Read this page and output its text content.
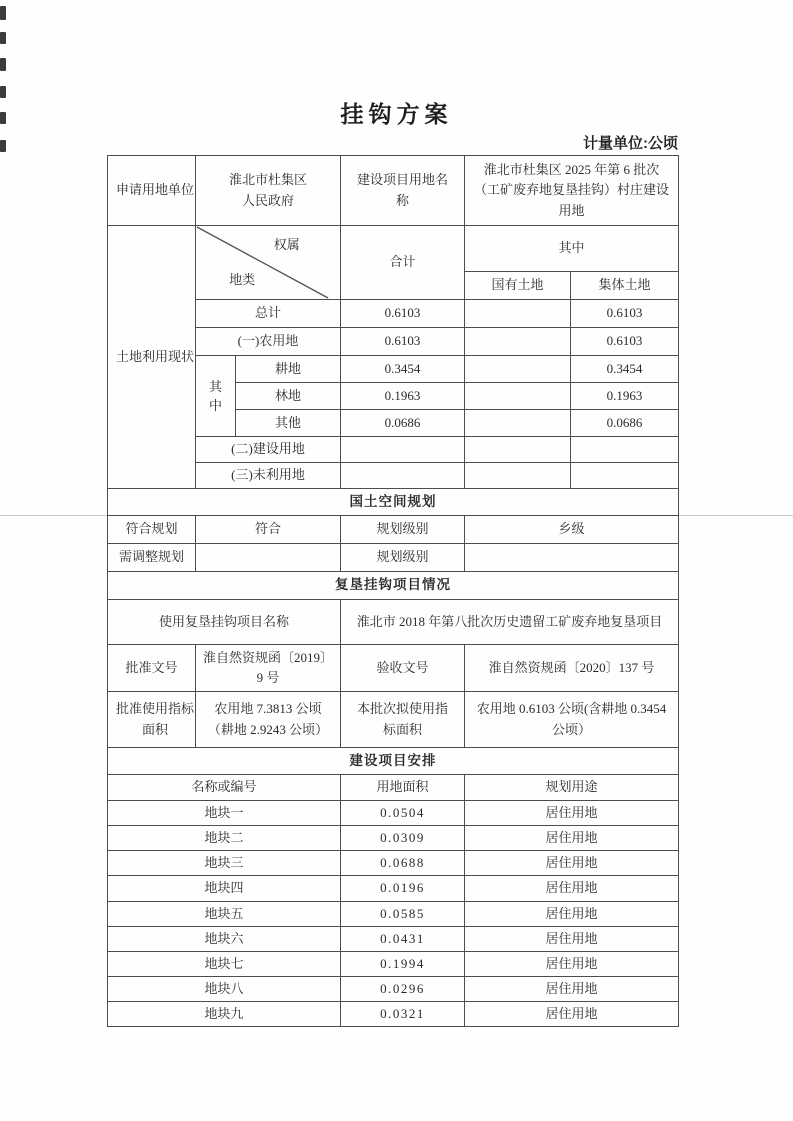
挂钩方案
计量单位:公顷
申请用地单位	淮北市杜集区人民政府		建设项目用地名称	淮北市杜集区 2025 年第 6 批次（工矿废弃地复垦挂钩）村庄建设用地	

土地利用现状	权属
地类		合计	其中	
				国有土地	集体土地
	总计		0.6103		0.6103
	(一)农用地		0.6103		0.6103

	其中	耕地	0.3454		0.3454
		林地	0.1963		0.1963
		其他	0.0686		0.0686
	(二)建设用地				
	(三)未利用地				
国土空间规划					
符合规划	符合		规划级别	乡级	
需调整规划			规划级别		
复垦挂钩项目情况					
使用复垦挂钩项目名称			淮北市 2018 年第八批次历史遗留工矿废弃地复垦项目		
批准文号	淮自然资规函〔2019〕9 号		验收文号	淮自然资规函〔2020〕137 号	

批准使用指标面积	农用地 7.3813 公顷（耕地 2.9243 公顷）		本批次拟使用指标面积	农用地 0.6103 公顷(含耕地 0.3454 公顷）	
建设项目安排					
名称或编号			用地面积	规划用途	
地块一			0.0504	居住用地	
地块二			0.0309	居住用地	
地块三			0.0688	居住用地	
地块四			0.0196	居住用地	
地块五			0.0585	居住用地	
地块六			0.0431	居住用地	
地块七			0.1994	居住用地	
地块八			0.0296	居住用地	
地块九			0.0321	居住用地	
